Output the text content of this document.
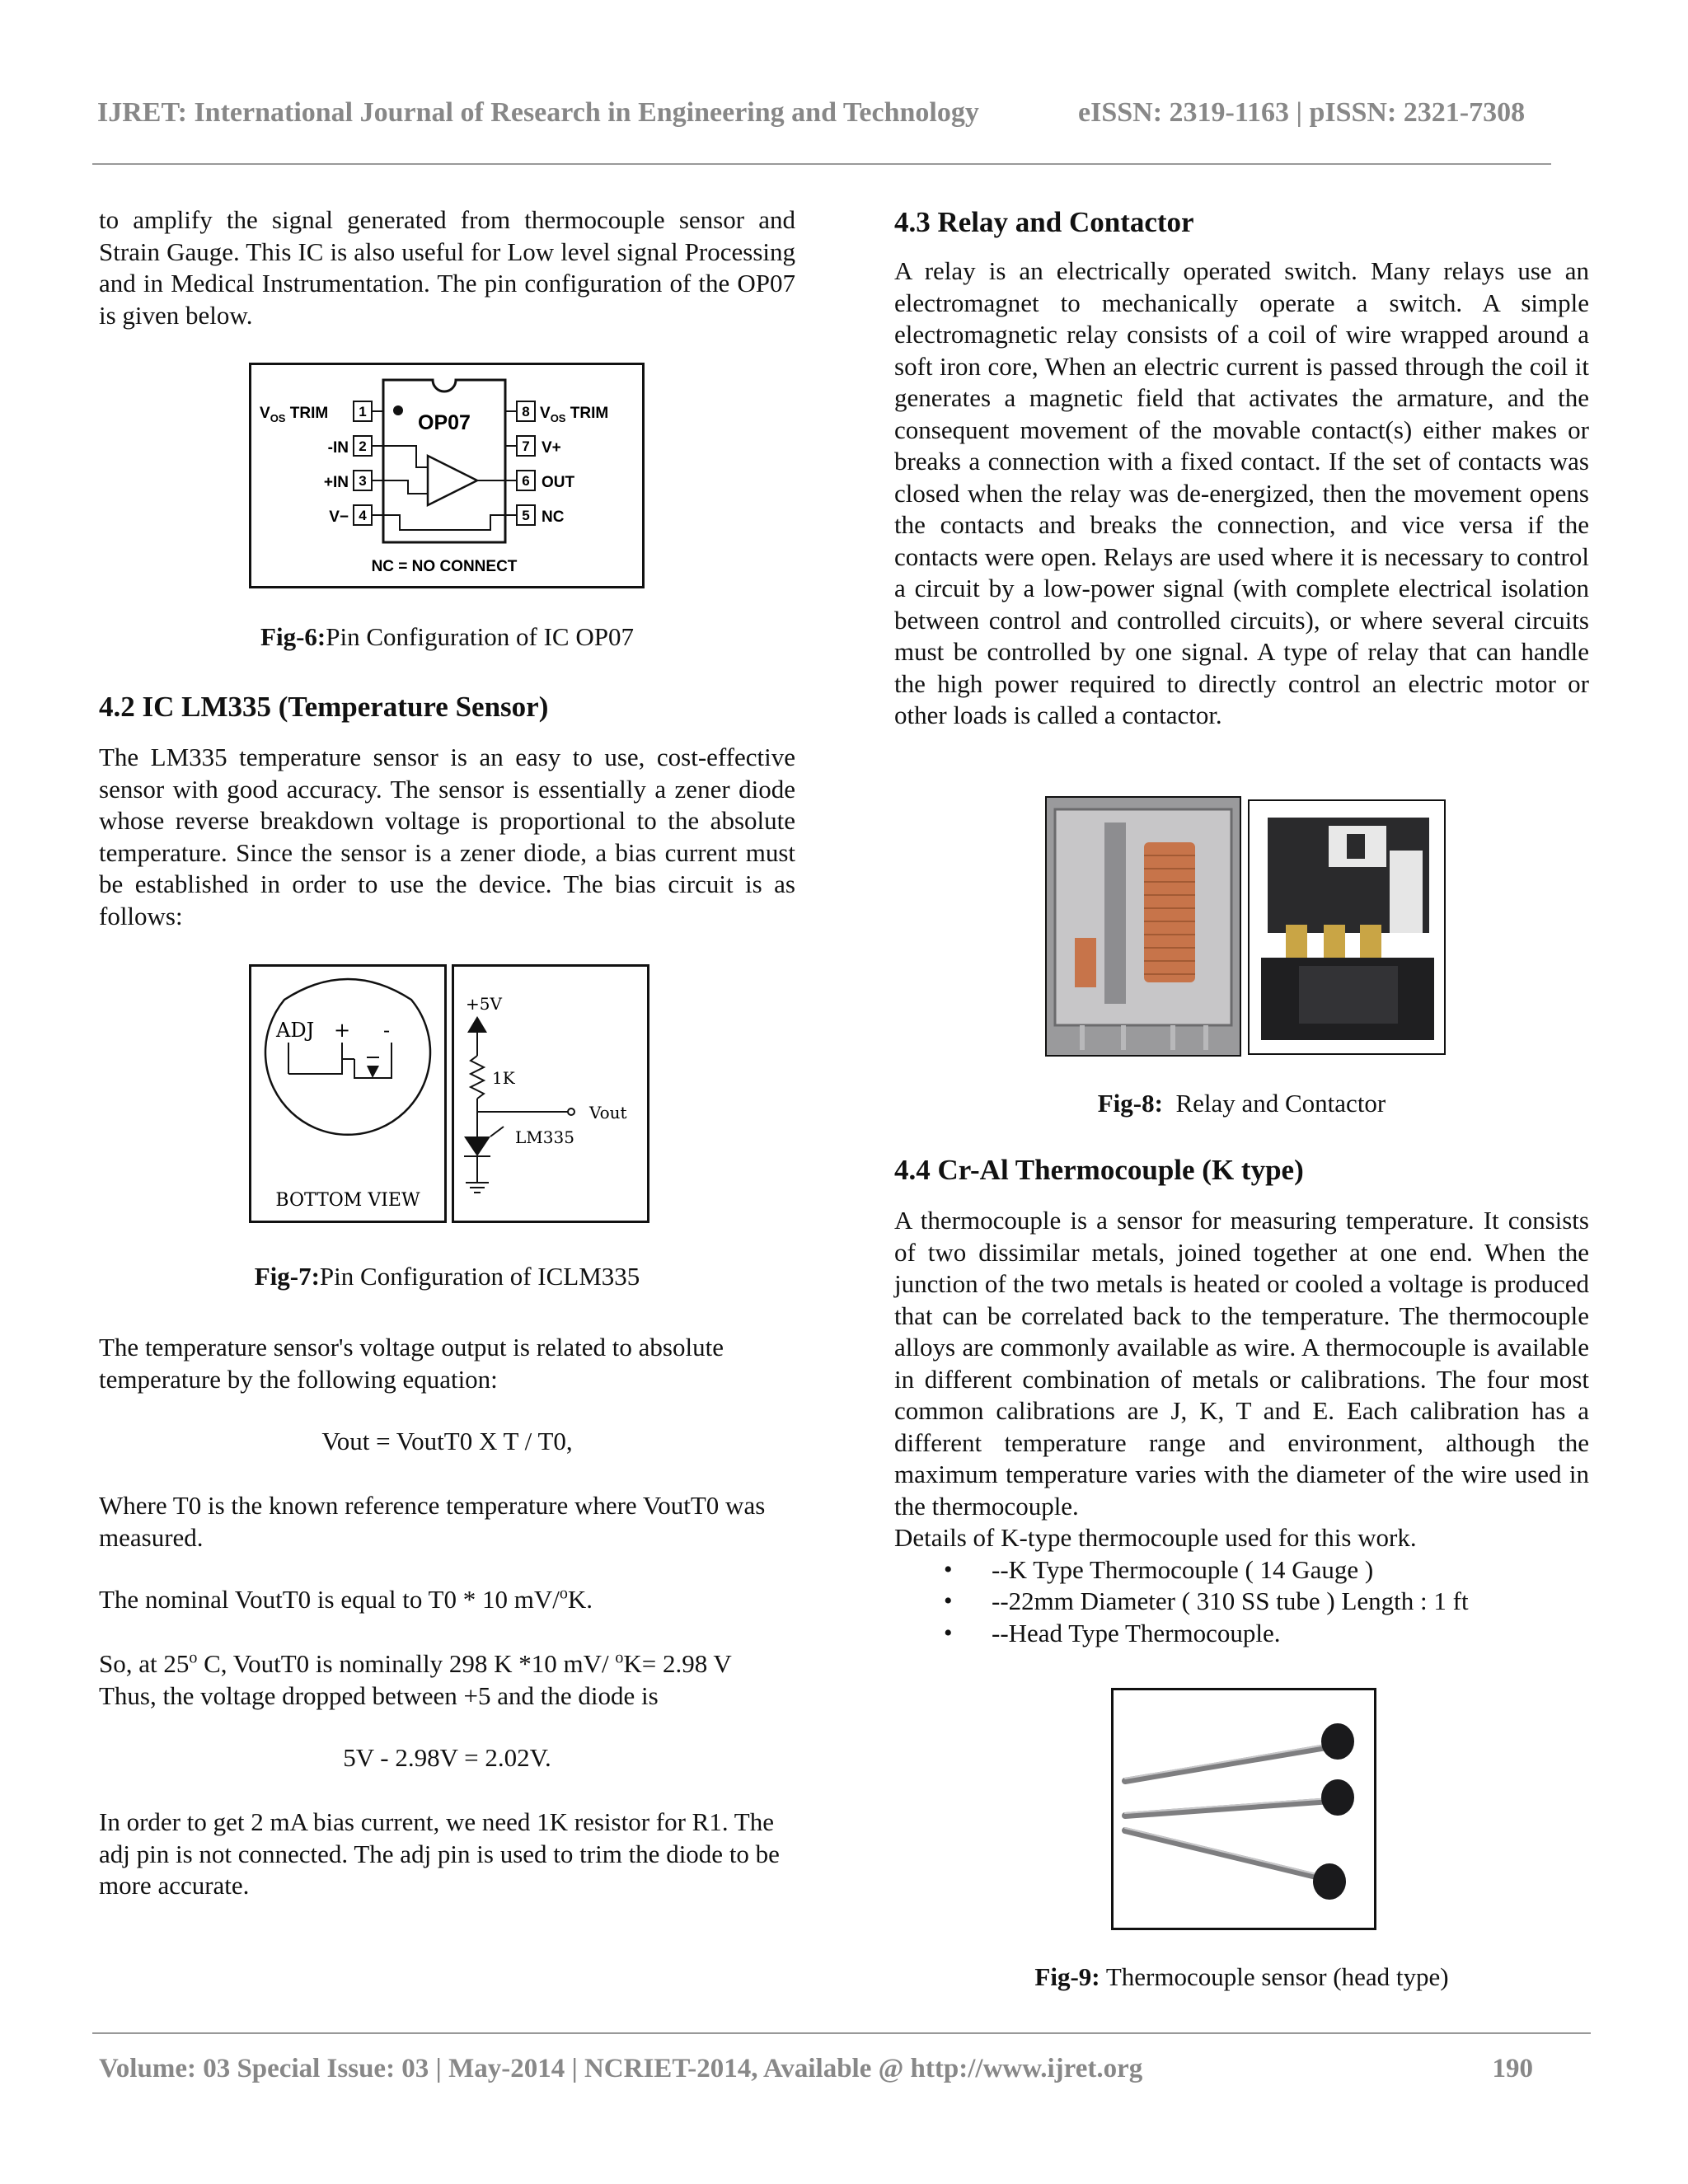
IJRET: International Journal of Research in Engineering and Technology	eISSN: 2319-1163 | pISSN: 2321-7308

to amplify the signal generated from thermocouple sensor and Strain Gauge. This IC is also useful for Low level signal Processing and in Medical Instrumentation. The pin configuration of the OP07 is given below.

OP07
1
2
3
4
8
7
6
5
$V_{OS}$ TRIM
-IN
+IN
V−
$V_{OS}$ TRIM
V+
OUT
NC
NC = NO CONNECT
Fig-6:Pin Configuration of IC OP07
4.2 IC LM335 (Temperature Sensor)

The LM335 temperature sensor is an easy to use, cost-effective sensor with good accuracy. The sensor is essentially a zener diode whose reverse breakdown voltage is proportional to the absolute temperature. Since the sensor is a zener diode, a bias current must be established in order to use the device. The bias circuit is as follows:

ADJ + -
BOTTOM VIEW
+5V
1K
Vout
LM335
Fig-7:Pin Configuration of ICLM335

The temperature sensor's voltage output is related to absolute temperature by the following equation:

Vout = VoutT0 X T / T0,

Where T0 is the known reference temperature where VoutT0 was measured.

The nominal VoutT0 is equal to T0 * 10 mV/$^o$K.

So, at 25$^o$ C, VoutT0 is nominally 298 K *10 mV/ $^o$K= 2.98 V

Thus, the voltage dropped between +5 and the diode is

5V - 2.98V = 2.02V.

In order to get 2 mA bias current, we need 1K resistor for R1. The adj pin is not connected. The adj pin is used to trim the diode to be more accurate.

4.3 Relay and Contactor

A relay is an electrically operated switch. Many relays use an electromagnet to mechanically operate a switch. A simple electromagnetic relay consists of a coil of wire wrapped around a soft iron core, When an electric current is passed through the coil it generates a magnetic field that activates the armature, and the consequent movement of the movable contact(s) either makes or breaks a connection with a fixed contact. If the set of contacts was closed when the relay was de-energized, then the movement opens the contacts and breaks the connection, and vice versa if the contacts were open. Relays are used where it is necessary to control a circuit by a low-power signal (with complete electrical isolation between control and controlled circuits), or where several circuits must be controlled by one signal. A type of relay that can handle the high power required to directly control an electric motor or other loads is called a contactor.

Fig-8: Relay and Contactor
4.4 Cr-Al Thermocouple (K type)

A thermocouple is a sensor for measuring temperature. It consists of two dissimilar metals, joined together at one end. When the junction of the two metals is heated or cooled a voltage is produced that can be correlated back to the temperature. The thermocouple alloys are commonly available as wire. A thermocouple is available in different combination of metals or calibrations. The four most common calibrations are J, K, T and E. Each calibration has a different temperature range and environment, although the maximum temperature varies with the diameter of the wire used in the thermocouple.

Details of K-type thermocouple used for this work.

• --K Type Thermocouple ( 14 Gauge )
• --22mm Diameter ( 310 SS tube ) Length : 1 ft
• --Head Type Thermocouple.
Fig-9: Thermocouple sensor (head type)
Volume: 03 Special Issue: 03 | May-2014 | NCRIET-2014, Available @ http://www.ijret.org	190
